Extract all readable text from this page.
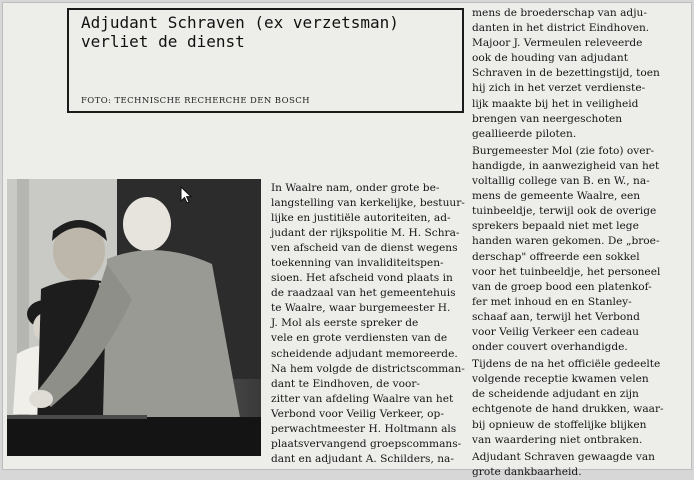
Adjudant Schraven (ex verzetsman)
verliet de dienst
FOTO: TECHNISCHE RECHERCHE DEN BOSCH
In Waalre nam, onder grote be-
langstelling van kerkelijke, bestuur-
lijke en justitiële autoriteiten, ad-
judant der rijkspolitie M. H. Schra-
ven afscheid van de dienst wegens
toekenning van invaliditeitspen-
sioen. Het afscheid vond plaats in
de raadzaal van het gemeentehuis
te Waalre, waar burgemeester H.
J. Mol als eerste spreker de
vele en grote verdiensten van de
scheidende adjudant memoreerde.
Na hem volgde de districtscomman-
dant te Eindhoven, de voor-
zitter van afdeling Waalre van het
Verbond voor Veilig Verkeer, op-
perwachtmeester H. Holtmann als
plaatsvervangend groepscommans-
dant en adjudant A. Schilders, na-

mens de broederschap van adju-
danten in het district Eindhoven.
Majoor J. Vermeulen releveerde
ook de houding van adjudant
Schraven in de bezettingstijd, toen
hij zich in het verzet verdienste-
lijk maakte bij het in veiligheid
brengen van neergeschoten
geallieerde piloten.

Burgemeester Mol (zie foto) over-
handigde, in aanwezigheid van het
voltallig college van B. en W., na-
mens de gemeente Waalre, een
tuinbeeldje, terwijl ook de overige
sprekers bepaald niet met lege
handen waren gekomen. De „broe-
derschap" offreerde een sokkel
voor het tuinbeeldje, het personeel
van de groep bood een platenkof-
fer met inhoud en en Stanley-
schaaf aan, terwijl het Verbond
voor Veilig Verkeer een cadeau
onder couvert overhandigde.

Tijdens de na het officiële gedeelte
volgende receptie kwamen velen
de scheidende adjudant en zijn
echtgenote de hand drukken, waar-
bij opnieuw de stoffelijke blijken
van waardering niet ontbraken.

Adjudant Schraven gewaagde van
grote dankbaarheid.
